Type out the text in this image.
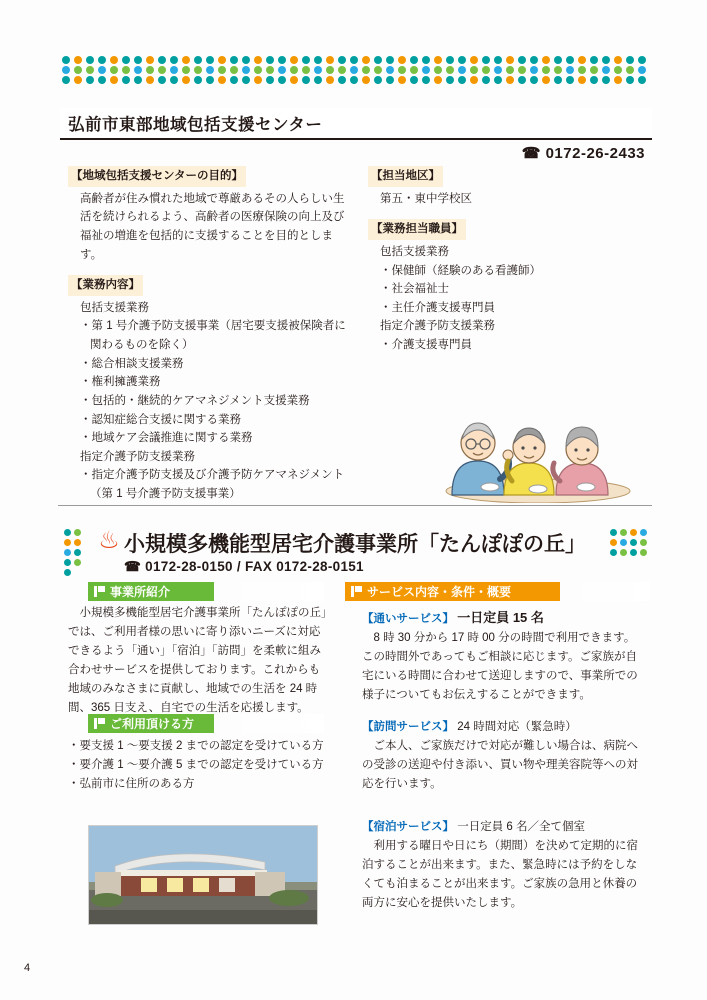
弘前市東部地域包括支援センター
☎ 0172-26-2433
【地域包括支援センターの目的】
高齢者が住み慣れた地域で尊厳あるその人らしい生活を続けられるよう、高齢者の医療保険の向上及び福祉の増進を包括的に支援することを目的とします。
【業務内容】
包括支援業務
・第 1 号介護予防支援事業（居宅要支援被保険者に関わるものを除く）
・総合相談支援業務
・権利擁護業務
・包括的・継続的ケアマネジメント支援業務
・認知症総合支援に関する業務
・地域ケア会議推進に関する業務
指定介護予防支援業務
・指定介護予防支援及び介護予防ケアマネジメント（第 1 号介護予防支援事業）
【担当地区】
第五・東中学校区
【業務担当職員】
包括支援業務
・保健師（経験のある看護師）
・社会福祉士
・主任介護支援専門員
指定介護予防支援業務
・介護支援専門員
♨ 小規模多機能型居宅介護事業所「たんぽぽの丘」
☎ 0172-28-0150 / FAX 0172-28-0151
事業所紹介
　小規模多機能型居宅介護事業所「たんぽぽの丘」では、ご利用者様の思いに寄り添いニーズに対応できるよう「通い」「宿泊」「訪問」を柔軟に組み合わせサービスを提供しております。これからも地域のみなさまに貢献し、地域での生活を 24 時間、365 日支え、自宅での生活を応援します。
ご利用頂ける方
・要支援 1 ～要支援 2 までの認定を受けている方
・要介護 1 ～要介護 5 までの認定を受けている方
・弘前市に住所のある方
サービス内容・条件・概要
【通いサービス】 一日定員 15 名
　8 時 30 分から 17 時 00 分の時間で利用できます。この時間外であってもご相談に応じます。ご家族が自宅にいる時間に合わせて送迎しますので、事業所での様子についてもお伝えすることができます。
【訪問サービス】 24 時間対応（緊急時）
　ご本人、ご家族だけで対応が難しい場合は、病院への受診の送迎や付き添い、買い物や理美容院等への対応を行います。
【宿泊サービス】 一日定員 6 名／全て個室
　利用する曜日や日にち（期間）を決めて定期的に宿泊することが出来ます。また、緊急時には予約をしなくても泊まることが出来ます。ご家族の急用と休養の両方に安心を提供いたします。
4
